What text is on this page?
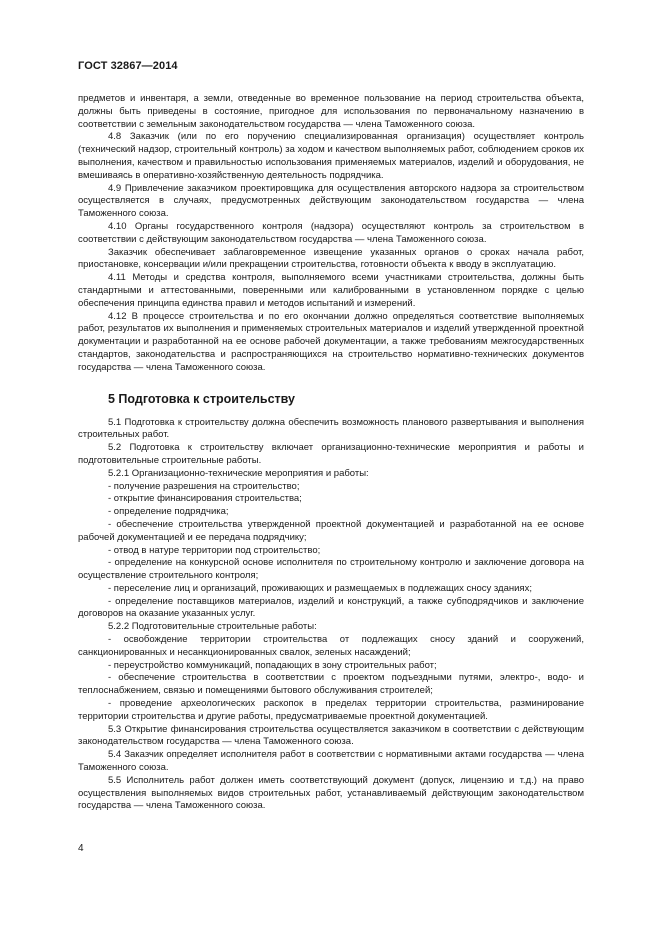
ГОСТ 32867—2014

предметов и инвентаря, а земли, отведенные во временное пользование на период строительства объекта, должны быть приведены в состояние, пригодное для использования по первоначальному назначению в соответствии с земельным законодательством государства — члена Таможенного союза.

4.8 Заказчик (или по его поручению специализированная организация) осуществляет контроль (технический надзор, строительный контроль) за ходом и качеством выполняемых работ, соблюдением сроков их выполнения, качеством и правильностью использования применяемых материалов, изделий и оборудования, не вмешиваясь в оперативно-хозяйственную деятельность подрядчика.

4.9 Привлечение заказчиком проектировщика для осуществления авторского надзора за строительством осуществляется в случаях, предусмотренных действующим законодательством государства — члена Таможенного союза.

4.10 Органы государственного контроля (надзора) осуществляют контроль за строительством в соответствии с действующим законодательством государства — члена Таможенного союза.

Заказчик обеспечивает заблаговременное извещение указанных органов о сроках начала работ, приостановке, консервации и/или прекращении строительства, готовности объекта к вводу в эксплуатацию.

4.11 Методы и средства контроля, выполняемого всеми участниками строительства, должны быть стандартными и аттестованными, поверенными или калиброванными в установленном порядке с целью обеспечения принципа единства правил и методов испытаний и измерений.

4.12 В процессе строительства и по его окончании должно определяться соответствие выполняемых работ, результатов их выполнения и применяемых строительных материалов и изделий утвержденной проектной документации и разработанной на ее основе рабочей документации, а также требованиям межгосударственных стандартов, законодательства и распространяющихся на строительство нормативно-технических документов государства — члена Таможенного союза.

5 Подготовка к строительству

5.1 Подготовка к строительству должна обеспечить возможность планового развертывания и выполнения строительных работ.

5.2 Подготовка к строительству включает организационно-технические мероприятия и работы и подготовительные строительные работы.

5.2.1 Организационно-технические мероприятия и работы:

- получение разрешения на строительство;
- открытие финансирования строительства;
- определение подрядчика;
- обеспечение строительства утвержденной проектной документацией и разработанной на ее основе рабочей документацией и ее передача подрядчику;
- отвод в натуре территории под строительство;
- определение на конкурсной основе исполнителя по строительному контролю и заключение договора на осуществление строительного контроля;
- переселение лиц и организаций, проживающих и размещаемых в подлежащих сносу зданиях;
- определение поставщиков материалов, изделий и конструкций, а также субподрядчиков и заключение договоров на оказание указанных услуг.

5.2.2 Подготовительные строительные работы:

- освобождение территории строительства от подлежащих сносу зданий и сооружений, санкционированных и несанкционированных свалок, зеленых насаждений;
- переустройство коммуникаций, попадающих в зону строительных работ;
- обеспечение строительства в соответствии с проектом подъездными путями, электро-, водо- и теплоснабжением, связью и помещениями бытового обслуживания строителей;
- проведение археологических раскопок в пределах территории строительства, разминирование территории строительства и другие работы, предусматриваемые проектной документацией.

5.3 Открытие финансирования строительства осуществляется заказчиком в соответствии с действующим законодательством государства — члена Таможенного союза.

5.4 Заказчик определяет исполнителя работ в соответствии с нормативными актами государства — члена Таможенного союза.

5.5 Исполнитель работ должен иметь соответствующий документ (допуск, лицензию и т.д.) на право осуществления выполняемых видов строительных работ, устанавливаемый действующим законодательством государства — члена Таможенного союза.

4
